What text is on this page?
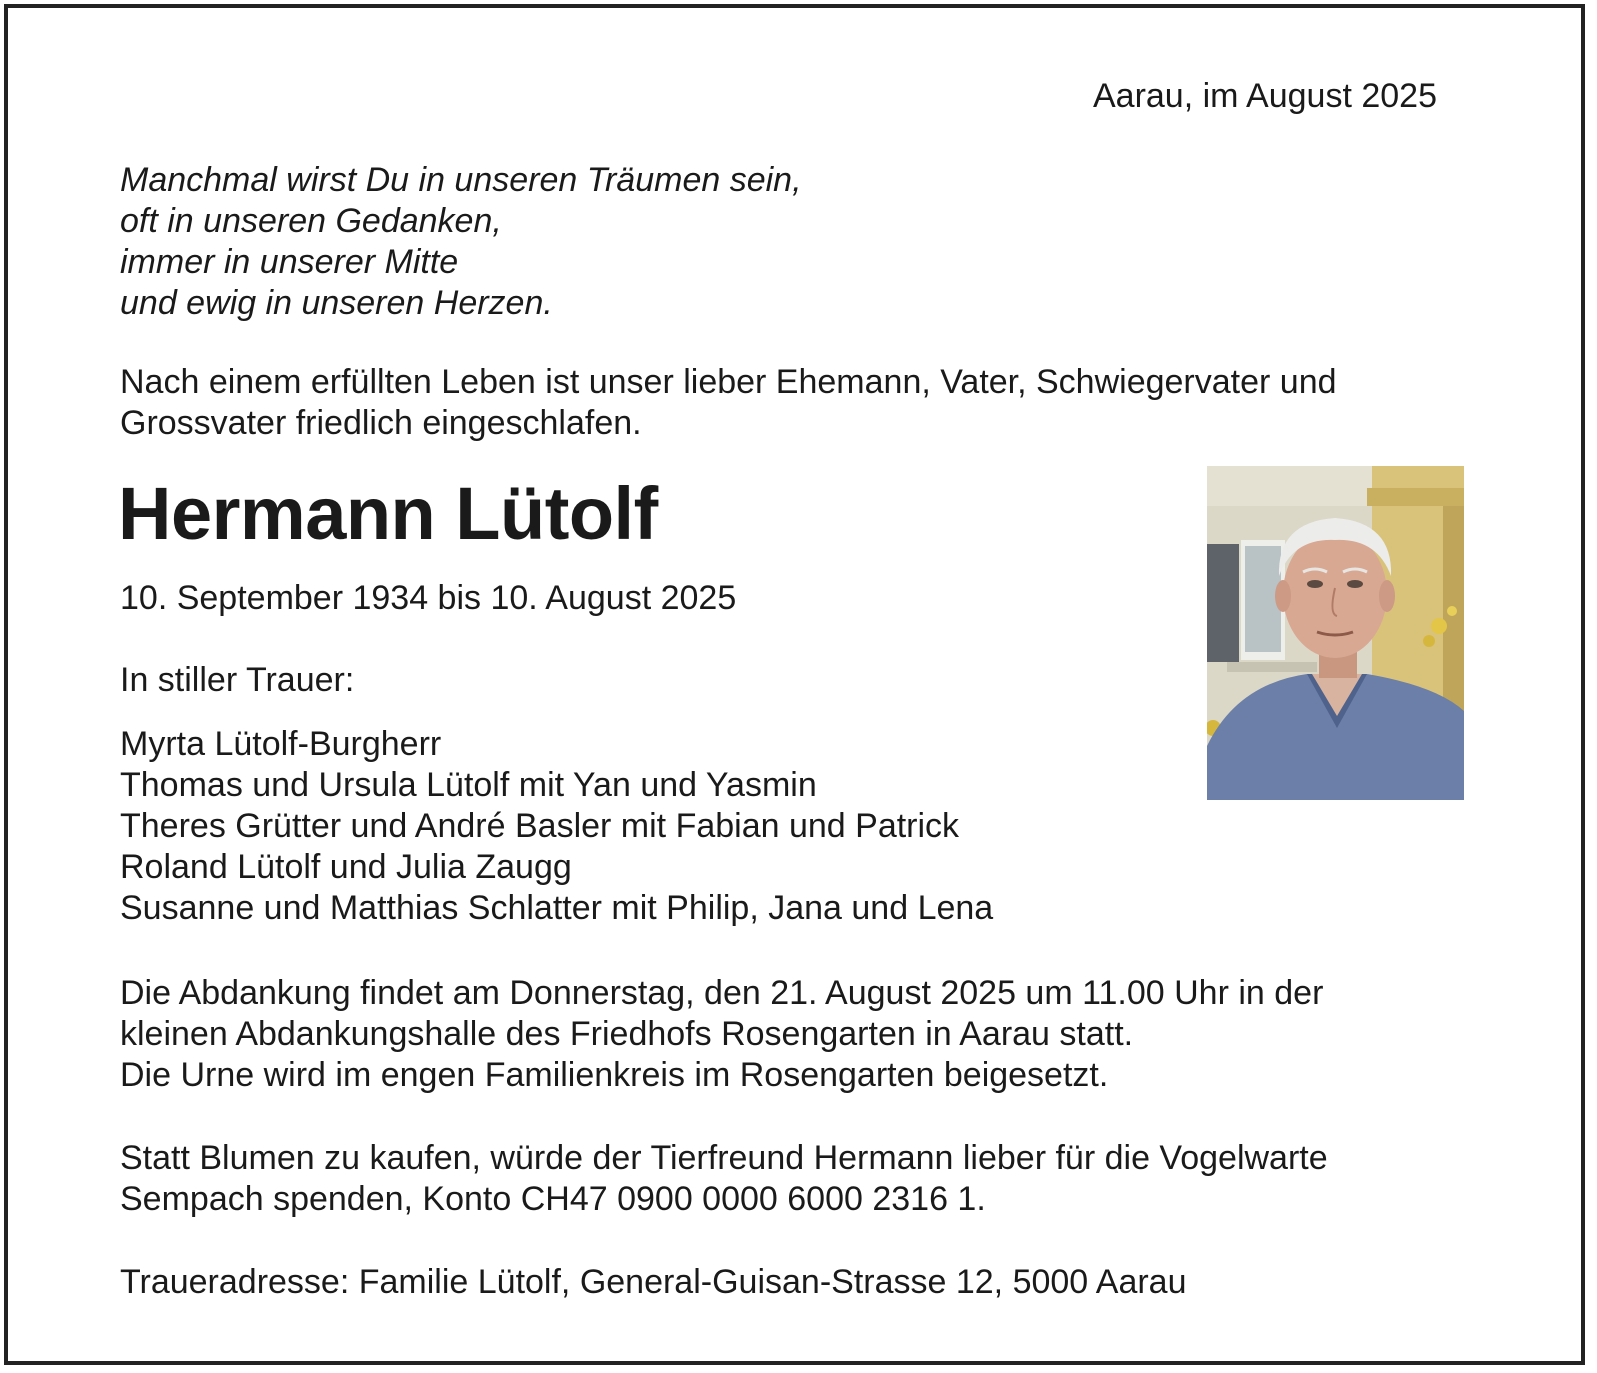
Aarau, im August 2025

Manchmal wirst Du in unseren Träumen sein,
oft in unseren Gedanken,
immer in unserer Mitte
und ewig in unseren Herzen.
Nach einem erfüllten Leben ist unser lieber Ehemann, Vater, Schwiegervater und
Grossvater friedlich eingeschlafen.
Hermann Lütolf

10. September 1934 bis 10. August 2025

In stiller Trauer:

Myrta Lütolf-Burgherr
Thomas und Ursula Lütolf mit Yan und Yasmin
Theres Grütter und André Basler mit Fabian und Patrick
Roland Lütolf und Julia Zaugg
Susanne und Matthias Schlatter mit Philip, Jana und Lena
Die Abdankung findet am Donnerstag, den 21. August 2025 um 11.00 Uhr in der
kleinen Abdankungshalle des Friedhofs Rosengarten in Aarau statt.
Die Urne wird im engen Familienkreis im Rosengarten beigesetzt.
Statt Blumen zu kaufen, würde der Tierfreund Hermann lieber für die Vogelwarte
Sempach spenden, Konto CH47 0900 0000 6000 2316 1.

Traueradresse: Familie Lütolf, General-Guisan-Strasse 12, 5000 Aarau
